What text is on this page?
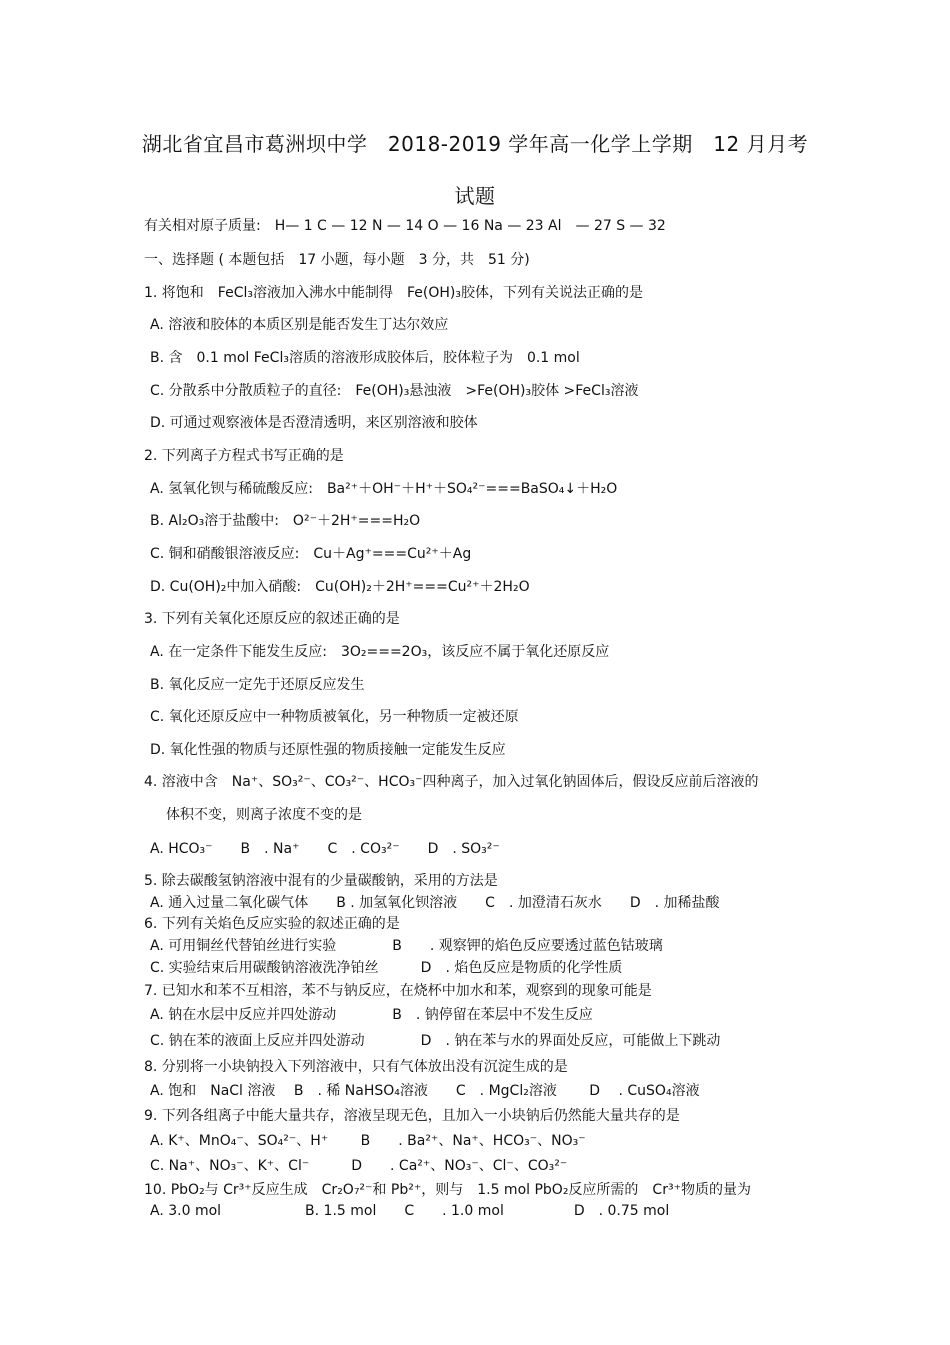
湖北省宜昌市葛洲坝中学　2018-2019 学年高一化学上学期　12 月月考
试题
有关相对原子质量:　H— 1 C — 12 N — 14 O — 16 Na — 23 Al　— 27 S — 32
一、选择题 ( 本题包括　17 小题，每小题　3 分，共　51 分)
1. 将饱和　FeCl₃溶液加入沸水中能制得　Fe(OH)₃胶体，下列有关说法正确的是
A. 溶液和胶体的本质区别是能否发生丁达尔效应
B. 含　0.1 mol FeCl₃溶质的溶液形成胶体后，胶体粒子为　0.1 mol
C. 分散系中分散质粒子的直径:　Fe(OH)₃悬浊液　>Fe(OH)₃胶体 >FeCl₃溶液
D. 可通过观察液体是否澄清透明，来区别溶液和胶体
2. 下列离子方程式书写正确的是
A. 氢氧化钡与稀硫酸反应:　Ba²⁺＋OH⁻＋H⁺＋SO₄²⁻===BaSO₄↓＋H₂O
B. Al₂O₃溶于盐酸中:　O²⁻＋2H⁺===H₂O
C. 铜和硝酸银溶液反应:　Cu＋Ag⁺===Cu²⁺＋Ag
D. Cu(OH)₂中加入硝酸:　Cu(OH)₂＋2H⁺===Cu²⁺＋2H₂O
3. 下列有关氧化还原反应的叙述正确的是
A. 在一定条件下能发生反应:　3O₂===2O₃，该反应不属于氧化还原反应
B. 氧化反应一定先于还原反应发生
C. 氧化还原反应中一种物质被氧化，另一种物质一定被还原
D. 氧化性强的物质与还原性强的物质接触一定能发生反应
4. 溶液中含　Na⁺、SO₃²⁻、CO₃²⁻、HCO₃⁻四种离子，加入过氧化钠固体后，假设反应前后溶液的
体积不变，则离子浓度不变的是
A. HCO₃⁻　　B　. Na⁺　　C　. CO₃²⁻　　D　. SO₃²⁻
5. 除去碳酸氢钠溶液中混有的少量碳酸钠，采用的方法是
A. 通入过量二氧化碳气体　　B . 加氢氧化钡溶液　　C　. 加澄清石灰水　　D　. 加稀盐酸
6. 下列有关焰色反应实验的叙述正确的是
A. 可用铜丝代替铂丝进行实验　　　　B　　. 观察钾的焰色反应要透过蓝色钴玻璃
C. 实验结束后用碳酸钠溶液洗净铂丝　　　D　. 焰色反应是物质的化学性质
7. 已知水和苯不互相溶，苯不与钠反应，在烧杯中加水和苯，观察到的现象可能是
A. 钠在水层中反应并四处游动　　　　B　. 钠停留在苯层中不发生反应
C. 钠在苯的液面上反应并四处游动　　　　D　. 钠在苯与水的界面处反应，可能做上下跳动
8. 分别将一小块钠投入下列溶液中，只有气体放出没有沉淀生成的是
A. 饱和　NaCl 溶液　 B　. 稀 NaHSO₄溶液　　C　. MgCl₂溶液　　 D　 . CuSO₄溶液
9. 下列各组离子中能大量共存，溶液呈现无色，且加入一小块钠后仍然能大量共存的是
A. K⁺、MnO₄⁻、SO₄²⁻、H⁺　　 B　　. Ba²⁺、Na⁺、HCO₃⁻、NO₃⁻
C. Na⁺、NO₃⁻、K⁺、Cl⁻　　　D　　. Ca²⁺、NO₃⁻、Cl⁻、CO₃²⁻
10. PbO₂与 Cr³⁺反应生成　Cr₂O₇²⁻和 Pb²⁺，则与　1.5 mol PbO₂反应所需的　Cr³⁺物质的量为
A. 3.0 mol　　　　　　B. 1.5 mol　　C　　. 1.0 mol　　　　　D　. 0.75 mol
